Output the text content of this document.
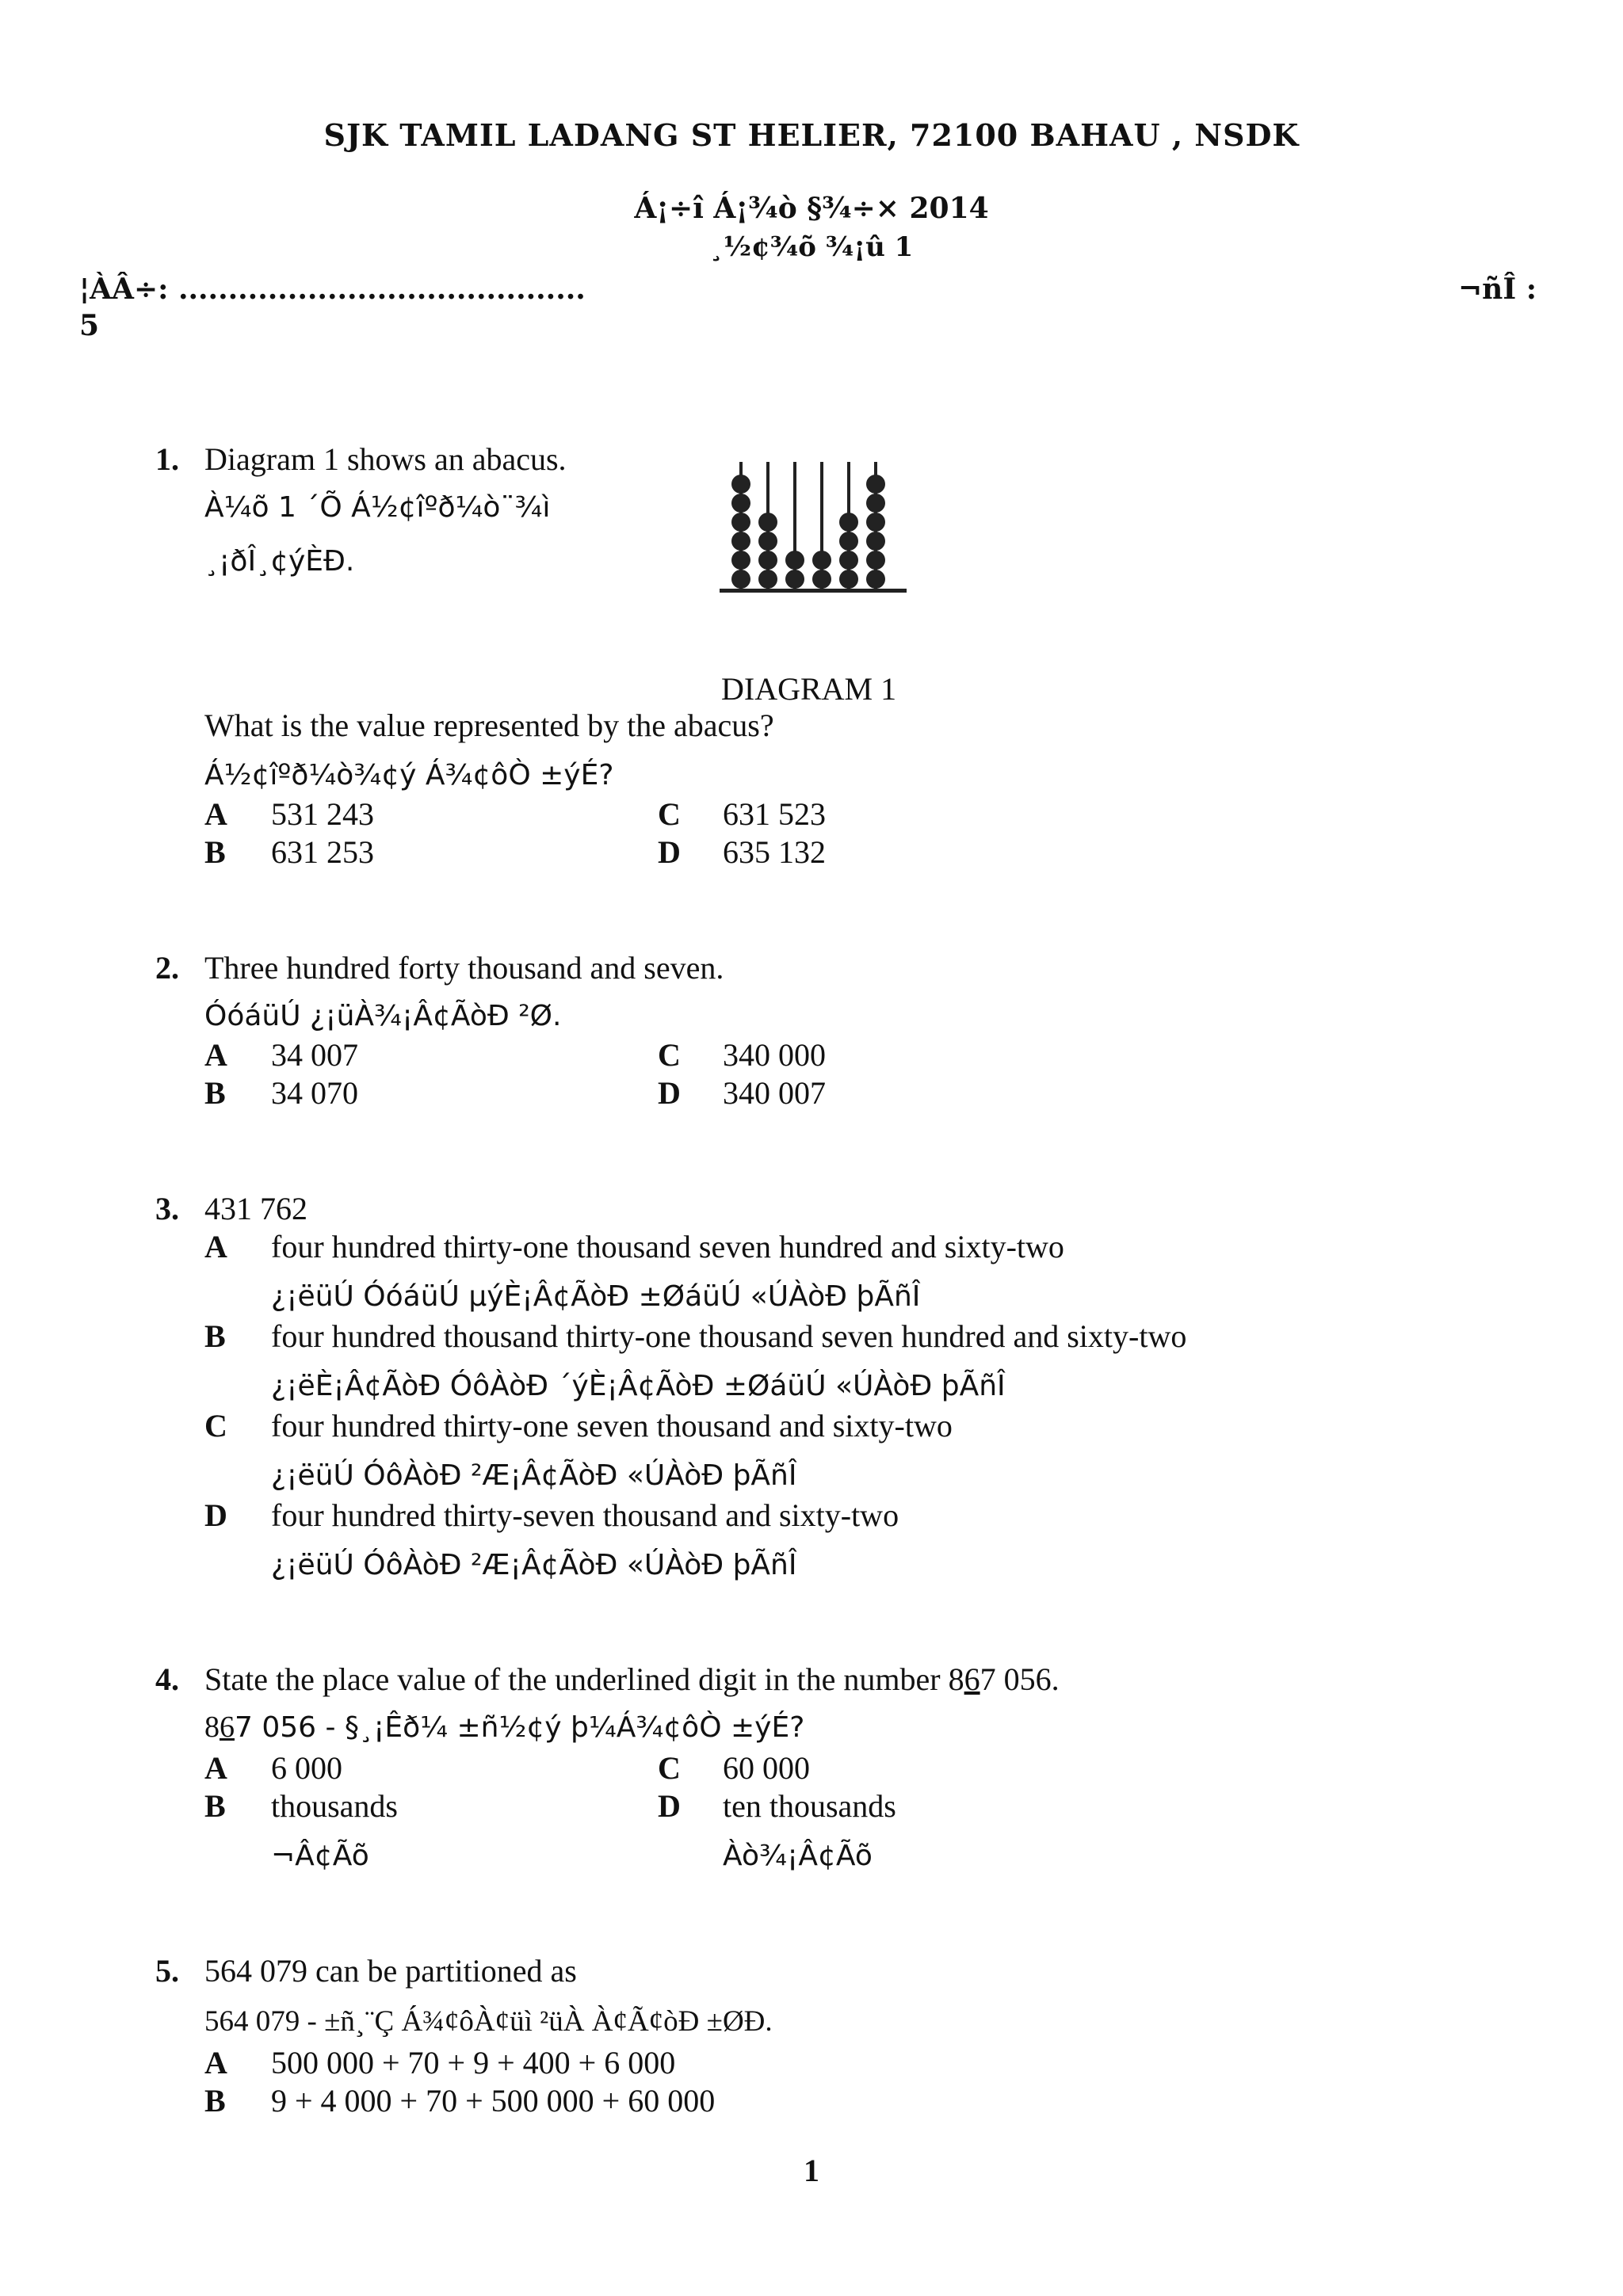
SJK TAMIL LADANG ST HELIER, 72100 BAHAU , NSDK
Á¡÷î Á¡¾ò §¾÷× 2014
¸½¢¾õ ¾¡û 1
¦ÀÂ÷: .........................................	¬ñÎ :
5
1. Diagram 1 shows an abacus.
À¼õ 1 ´Õ Á½¢îºð¼ò¨¾ì
¸¡ðÎ¸¢ýÈÐ.
DIAGRAM 1
What is the value represented by the abacus?
Á½¢îºð¼ò¾¢ý Á¾¢ôÒ ±ýÉ?
A 531 243
B 631 253
C 631 523
D 635 132
2. Three hundred forty thousand and seven.
ÓóáüÚ ¿¡üÀ¾¡Â¢ÃòÐ ²Ø.
A 34 007
B 34 070
C 340 000
D 340 007
3. 431 762
A four hundred thirty-one thousand seven hundred and sixty-two
¿¡ëüÚ ÓóáüÚ µýÈ¡Â¢ÃòÐ ±ØáüÚ «ÚÀòÐ þÃñÎ
B four hundred thousand thirty-one thousand seven hundred and sixty-two
¿¡ëÈ¡Â¢ÃòÐ ÓôÀòÐ ´ýÈ¡Â¢ÃòÐ ±ØáüÚ «ÚÀòÐ þÃñÎ
C four hundred thirty-one seven thousand and sixty-two
¿¡ëüÚ ÓôÀòÐ ²Æ¡Â¢ÃòÐ «ÚÀòÐ þÃñÎ
D four hundred thirty-seven thousand and sixty-two
¿¡ëüÚ ÓôÀòÐ ²Æ¡Â¢ÃòÐ «ÚÀòÐ þÃñÎ
4. State the place value of the underlined digit in the number 867 056.
867 056 - §¸¡Êð¼ ±ñ½¢ý þ¼Á¾¢ôÒ ±ýÉ?
A 6 000
B thousands
¬Â¢Ãõ
C 60 000
D ten thousands
Àò¾¡Â¢Ãõ
5. 564 079 can be partitioned as
564 079 - ±ñ¸¨Ç Á¾¢ôÀ¢üì ²üÀ À¢Ã¢òÐ ±ØÐ.
A 500 000 + 70 + 9 + 400 + 6 000
B 9 + 4 000 + 70 + 500 000 + 60 000
1
